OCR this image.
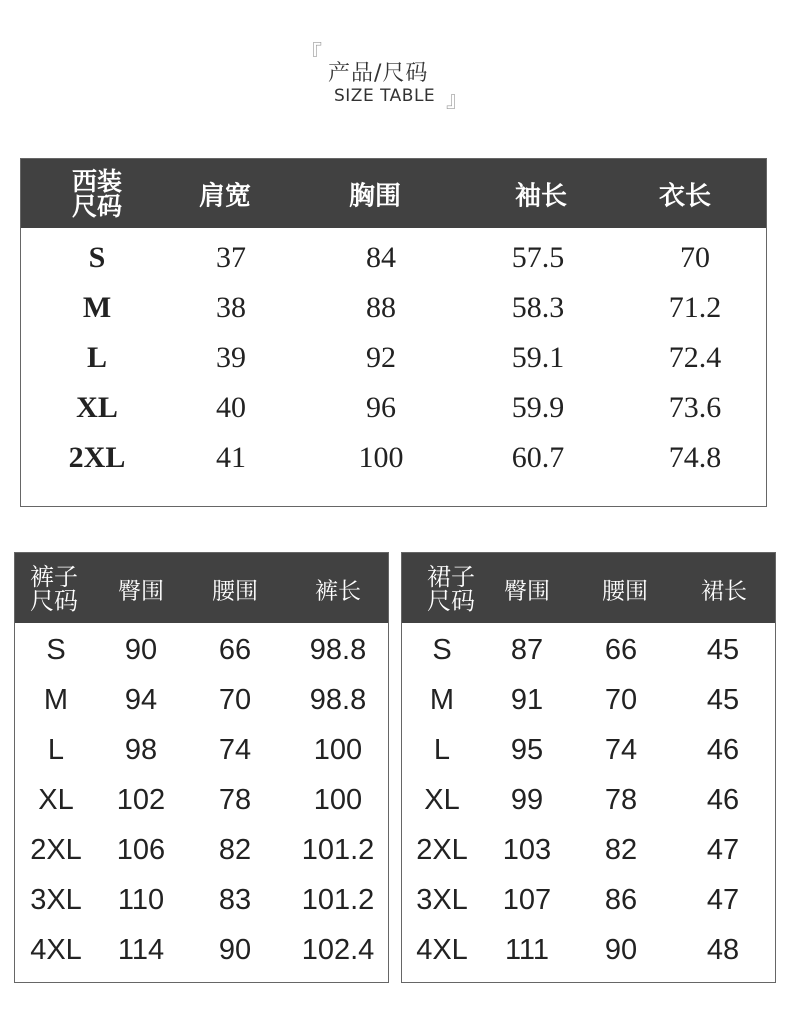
『
产品/尺码
SIZE TABLE 』
西装
尺码	肩宽	胸围	袖长	衣长
S	37	84	57.5	70
M	38	88	58.3	71.2
L	39	92	59.1	72.4
XL	40	96	59.9	73.6
2XL	41	100	60.7	74.8
裤子
尺码 臀围 腰围 裤长
S 90 66 98.8
M 94 70 98.8
L 98 74 100
XL 102 78 100
2XL 106 82 101.2
3XL 110 83 101.2
4XL 114 90 102.4
裙子
尺码 臀围 腰围 裙长
S 87 66 45
M 91 70 45
L 95 74 46
XL 99 78 46
2XL 103 82 47
3XL 107 86 47
4XL 111 90 48
